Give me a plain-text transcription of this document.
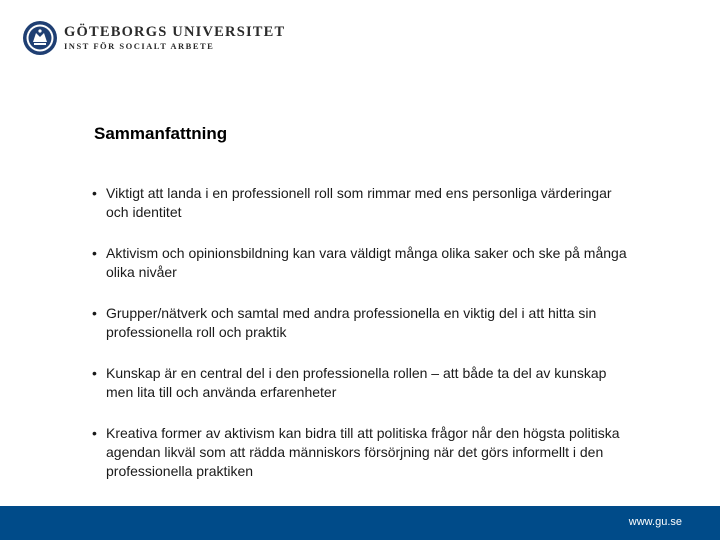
GÖTEBORGS UNIVERSITET
INST FÖR SOCIALT ARBETE
Sammanfattning
• Viktigt att landa i en professionell roll som rimmar med ens personliga värderingar och identitet
• Aktivism och opinionsbildning kan vara väldigt många olika saker och ske på många olika nivåer
• Grupper/nätverk och samtal med andra professionella en viktig del i att hitta sin professionella roll och praktik
• Kunskap är en central del i den professionella rollen – att både ta del av kunskap men lita till och använda erfarenheter
• Kreativa former av aktivism kan bidra till att politiska frågor når den högsta politiska agendan likväl som att rädda människors försörjning när det görs informellt i den professionella praktiken
www.gu.se
